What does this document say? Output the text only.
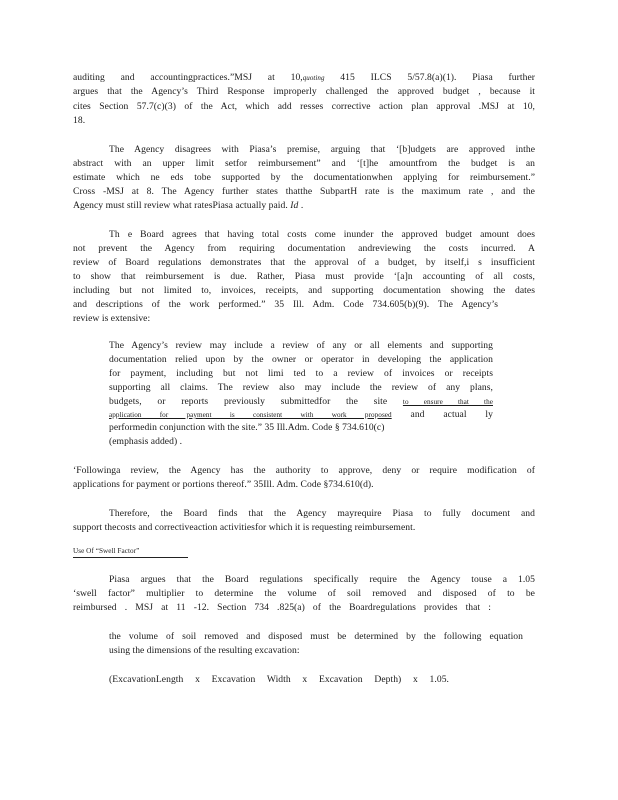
auditing and accountingpractices.”MSJ at 10,quoting 415 ILCS 5/57.8(a)(1). Piasa further
argues that the Agency’s Third Response improperly challenged the approved budget , because it
cites Section 57.7(c)(3) of the Act, which add resses corrective action plan approval .MSJ at 10,
18.
The Agency disagrees with Piasa’s premise, arguing that ‘[b]udgets are approved inthe
abstract with an upper limit setfor reimbursement” and ‘[t]he amountfrom the budget is an
estimate which ne eds tobe supported by the documentationwhen applying for reimbursement.”
Cross -MSJ at 8. The Agency further states thatthe SubpartH rate is the maximum rate , and the
Agency must still review what ratesPiasa actually paid. Id .
Th e Board agrees that having total costs come inunder the approved budget amount does
not prevent the Agency from requiring documentation andreviewing the costs incurred. A
review of Board regulations demonstrates that the approval of a budget, by itself,i s insufficient
to show that reimbursement is due. Rather, Piasa must provide ‘[a]n accounting of all costs,
including but not limited to, invoices, receipts, and supporting documentation showing the dates
and descriptions of the work performed.” 35 Ill. Adm. Code 734.605(b)(9). The Agency’s
review is extensive:
The Agency’s review may include a review of any or all elements and supporting
documentation relied upon by the owner or operator in developing the application
for payment, including but not limi ted to a review of invoices or receipts
supporting all claims. The review also may include the review of any plans,
budgets, or reports previously submittedfor the site to ensure that the
application for payment is consistent with work proposed and actual ly
performedin conjunction with the site.” 35 Ill.Adm. Code § 734.610(c)
(emphasis added) .
‘Followinga review, the Agency has the authority to approve, deny or require modification of
applications for payment or portions thereof.” 35Ill. Adm. Code §734.610(d).
Therefore, the Board finds that the Agency mayrequire Piasa to fully document and
support thecosts and correctiveaction activitiesfor which it is requesting reimbursement.
Use Of “Swell Factor”
Piasa argues that the Board regulations specifically require the Agency touse a 1.05
‘swell factor” multiplier to determine the volume of soil removed and disposed of to be
reimbursed . MSJ at 11 -12. Section 734 .825(a) of the Boardregulations provides that :
the volume of soil removed and disposed must be determined by the following equation
using the dimensions of the resulting excavation:
(ExcavationLength x Excavation Width x Excavation Depth) x 1.05.
